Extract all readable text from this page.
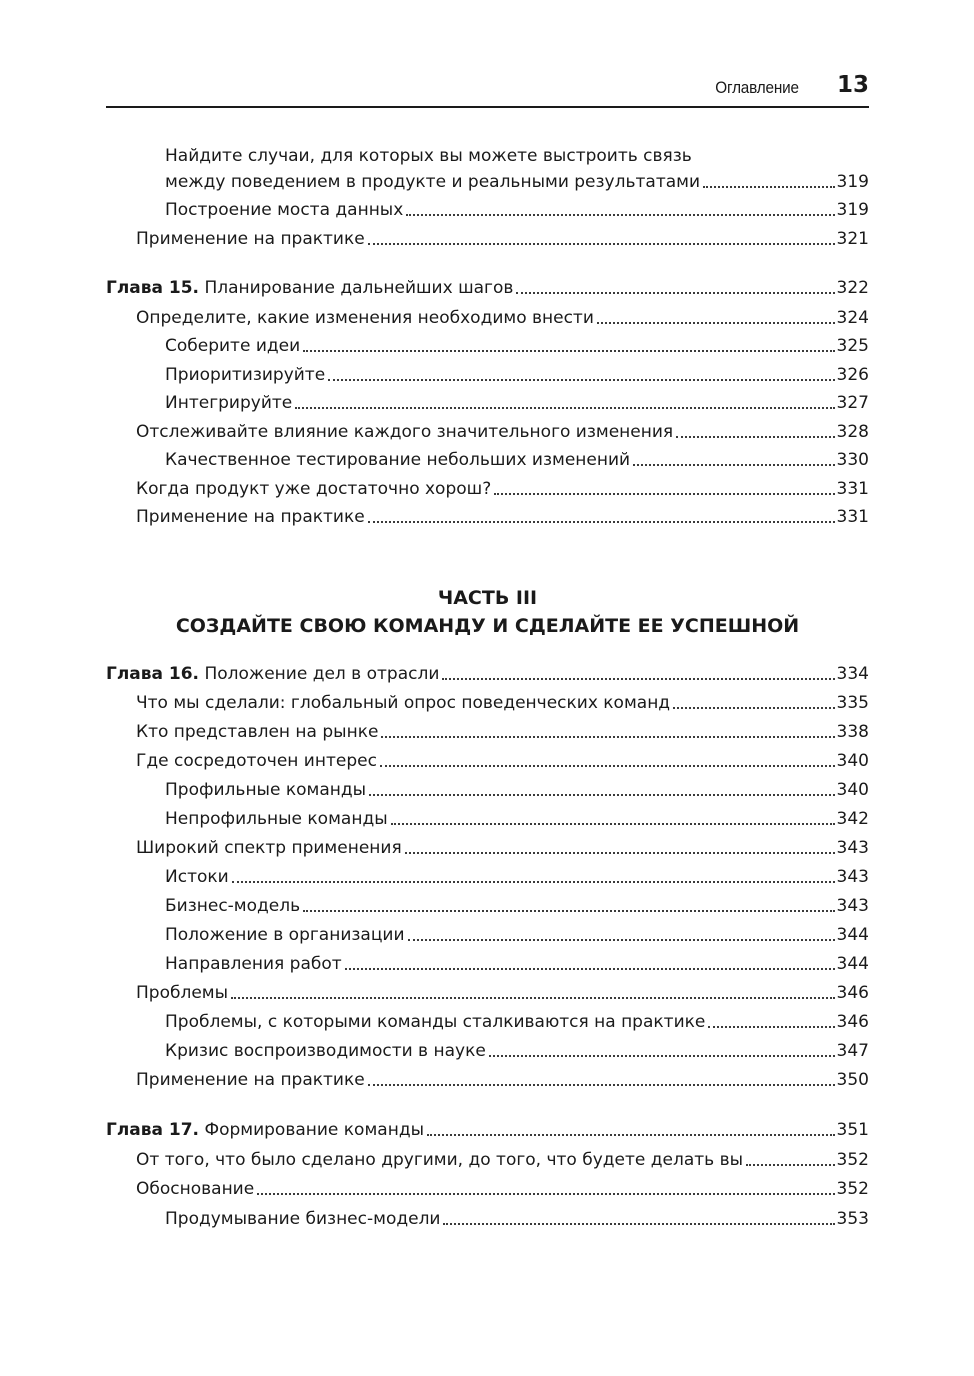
Оглавление 13
Найдите случаи, для которых вы можете выстроить связь
между поведением в продукте и реальными результатами	319
Построение моста данных	319
Применение на практике	321
Глава 15. Планирование дальнейших шагов	322
Определите, какие изменения необходимо внести	324
Соберите идеи	325
Приоритизируйте	326
Интегрируйте	327
Отслеживайте влияние каждого значительного изменения	328
Качественное тестирование небольших изменений	330
Когда продукт уже достаточно хорош?	331
Применение на практике	331
ЧАСТЬ III
СОЗДАЙТЕ СВОЮ КОМАНДУ И СДЕЛАЙТЕ ЕЕ УСПЕШНОЙ
Глава 16. Положение дел в отрасли	334
Что мы сделали: глобальный опрос поведенческих команд	335
Кто представлен на рынке	338
Где сосредоточен интерес	340
Профильные команды	340
Непрофильные команды	342
Широкий спектр применения	343
Истоки	343
Бизнес-модель	343
Положение в организации	344
Направления работ	344
Проблемы	346
Проблемы, с которыми команды сталкиваются на практике	346
Кризис воспроизводимости в науке	347
Применение на практике	350
Глава 17. Формирование команды	351
От того, что было сделано другими, до того, что будете делать вы	352
Обоснование	352
Продумывание бизнес-модели	353
